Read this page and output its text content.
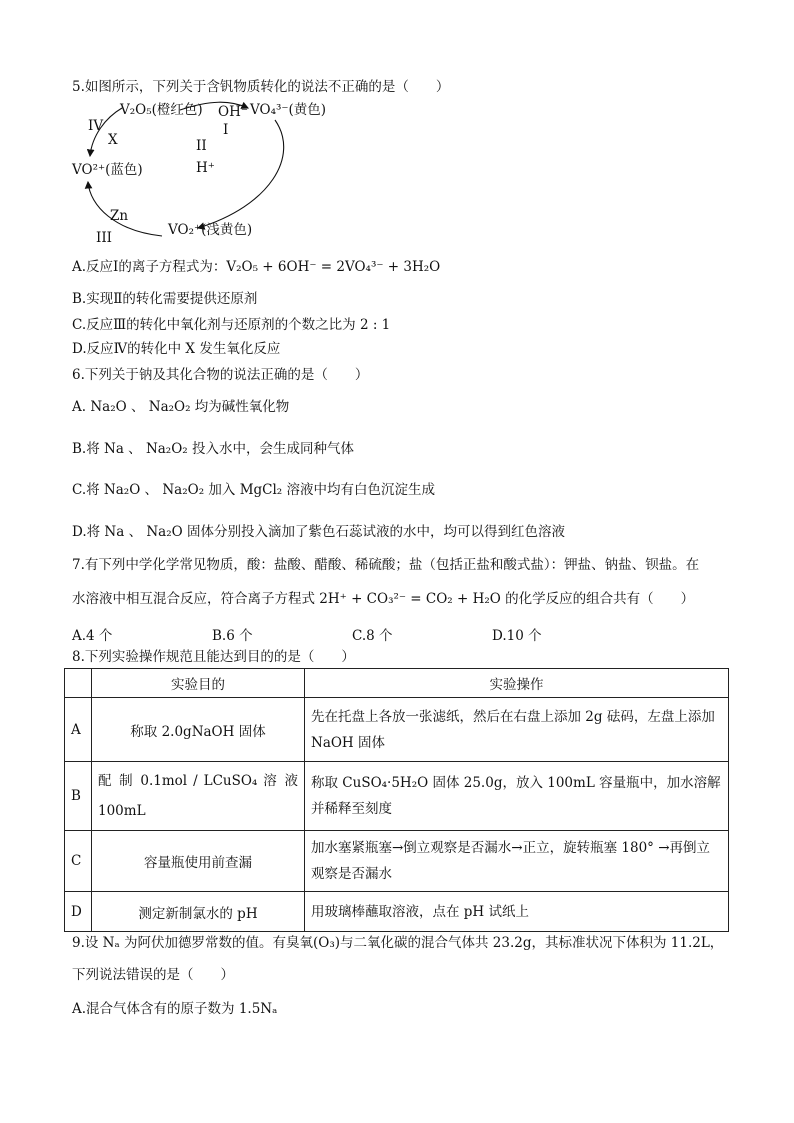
5.如图所示，下列关于含钒物质转化的说法不正确的是（　　）
V₂O₅(橙红色) OH⁻ VO₄³⁻(黄色)
I
II
H⁺
IV
X
VO²⁺(蓝色)
Zn
III	VO₂⁺(浅黄色)
A.反应Ⅰ的离子方程式为：V₂O₅ + 6OH⁻ = 2VO₄³⁻ + 3H₂O
B.实现Ⅱ的转化需要提供还原剂
C.反应Ⅲ的转化中氧化剂与还原剂的个数之比为 2 : 1
D.反应Ⅳ的转化中 X 发生氧化反应
6.下列关于钠及其化合物的说法正确的是（　　）
A. Na₂O 、 Na₂O₂ 均为碱性氧化物
B.将 Na 、 Na₂O₂ 投入水中，会生成同种气体
C.将 Na₂O 、 Na₂O₂ 加入 MgCl₂ 溶液中均有白色沉淀生成
D.将 Na 、 Na₂O 固体分别投入滴加了紫色石蕊试液的水中，均可以得到红色溶液
7.有下列中学化学常见物质，酸：盐酸、醋酸、稀硫酸；盐（包括正盐和酸式盐）：钾盐、钠盐、钡盐。在
水溶液中相互混合反应，符合离子方程式 2H⁺ + CO₃²⁻ = CO₂ + H₂O 的化学反应的组合共有（　　）
A.4 个	B.6 个	C.8 个	D.10 个
8.下列实验操作规范且能达到目的的是（　　）
	实验目的	实验操作
A	称取 2.0gNaOH 固体	先在托盘上各放一张滤纸，然后在右盘上添加 2g 砝码，左盘上添加 NaOH 固体
B	配 制 0.1mol / LCuSO₄ 溶 液 100mL	称取 CuSO₄·5H₂O 固体 25.0g，放入 100mL 容量瓶中，加水溶解并稀释至刻度
C	容量瓶使用前查漏	加水塞紧瓶塞→倒立观察是否漏水→正立，旋转瓶塞 180° →再倒立观察是否漏水
D	测定新制氯水的 pH	用玻璃棒蘸取溶液，点在 pH 试纸上
9.设 Nₐ 为阿伏加德罗常数的值。有臭氧(O₃)与二氧化碳的混合气体共 23.2g，其标准状况下体积为 11.2L，
下列说法错误的是（　　）
A.混合气体含有的原子数为 1.5Nₐ
